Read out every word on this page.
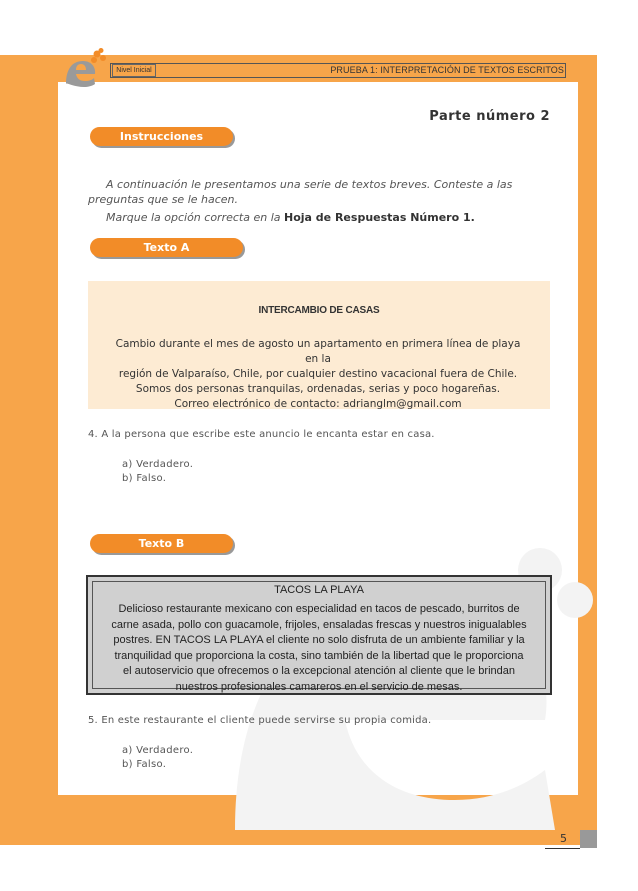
Nivel Inicial	PRUEBA 1: INTERPRETACIÓN DE TEXTOS ESCRITOS
Parte número 2
Instrucciones
A continuación le presentamos una serie de textos breves. Conteste a las preguntas que se le hacen.
Marque la opción correcta en la Hoja de Respuestas Número 1.
Texto A
INTERCAMBIO DE CASAS
Cambio durante el mes de agosto un apartamento en primera línea de playa en la
región de Valparaíso, Chile, por cualquier destino vacacional fuera de Chile.
Somos dos personas tranquilas, ordenadas, serias y poco hogareñas.
Correo electrónico de contacto: adrianglm@gmail.com
4. A la persona que escribe este anuncio le encanta estar en casa.
a) Verdadero.
b) Falso.
Texto B
TACOS LA PLAYA
Delicioso restaurante mexicano con especialidad en tacos de pescado, burritos de
carne asada, pollo con guacamole, frijoles, ensaladas frescas y nuestros inigualables
postres. EN TACOS LA PLAYA el cliente no solo disfruta de un ambiente familiar y la
tranquilidad que proporciona la costa, sino también de la libertad que le proporciona
el autoservicio que ofrecemos o la excepcional atención al cliente que le brindan
nuestros profesionales camareros en el servicio de mesas.
5. En este restaurante el cliente puede servirse su propia comida.
a) Verdadero.
b) Falso.
5
